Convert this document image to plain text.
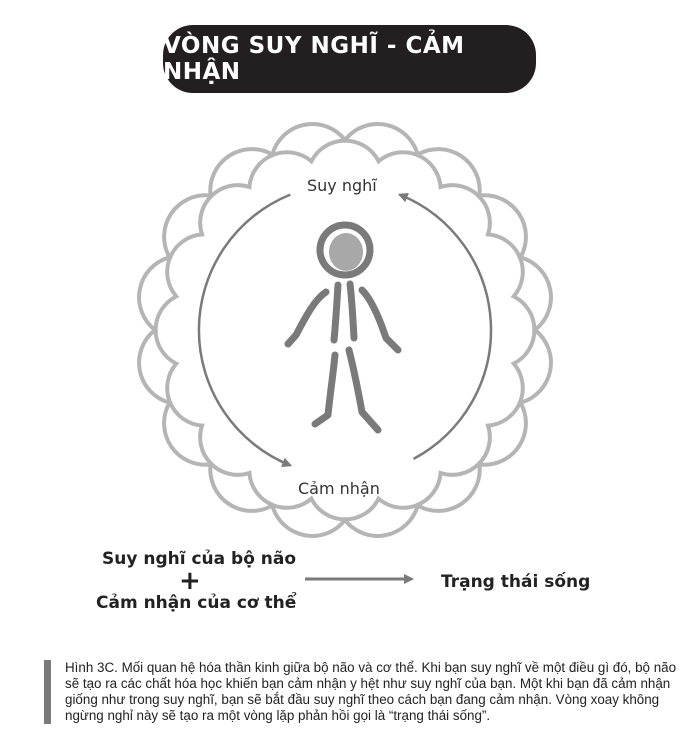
VÒNG SUY NGHĨ - CẢM NHẬN
Suy nghĩ
Cảm nhận
Suy nghĩ của bộ não
+
Cảm nhận của cơ thể
Trạng thái sống
Hình 3C. Mối quan hệ hóa thần kinh giữa bộ não và cơ thể. Khi bạn suy nghĩ về một điều gì đó, bộ não sẽ tạo ra các chất hóa học khiến bạn cảm nhận y hệt như suy nghĩ của bạn. Một khi bạn đã cảm nhận giống như trong suy nghĩ, bạn sẽ bắt đầu suy nghĩ theo cách bạn đang cảm nhận. Vòng xoay không ngừng nghỉ này sẽ tạo ra một vòng lặp phản hồi gọi là “trạng thái sống”.
